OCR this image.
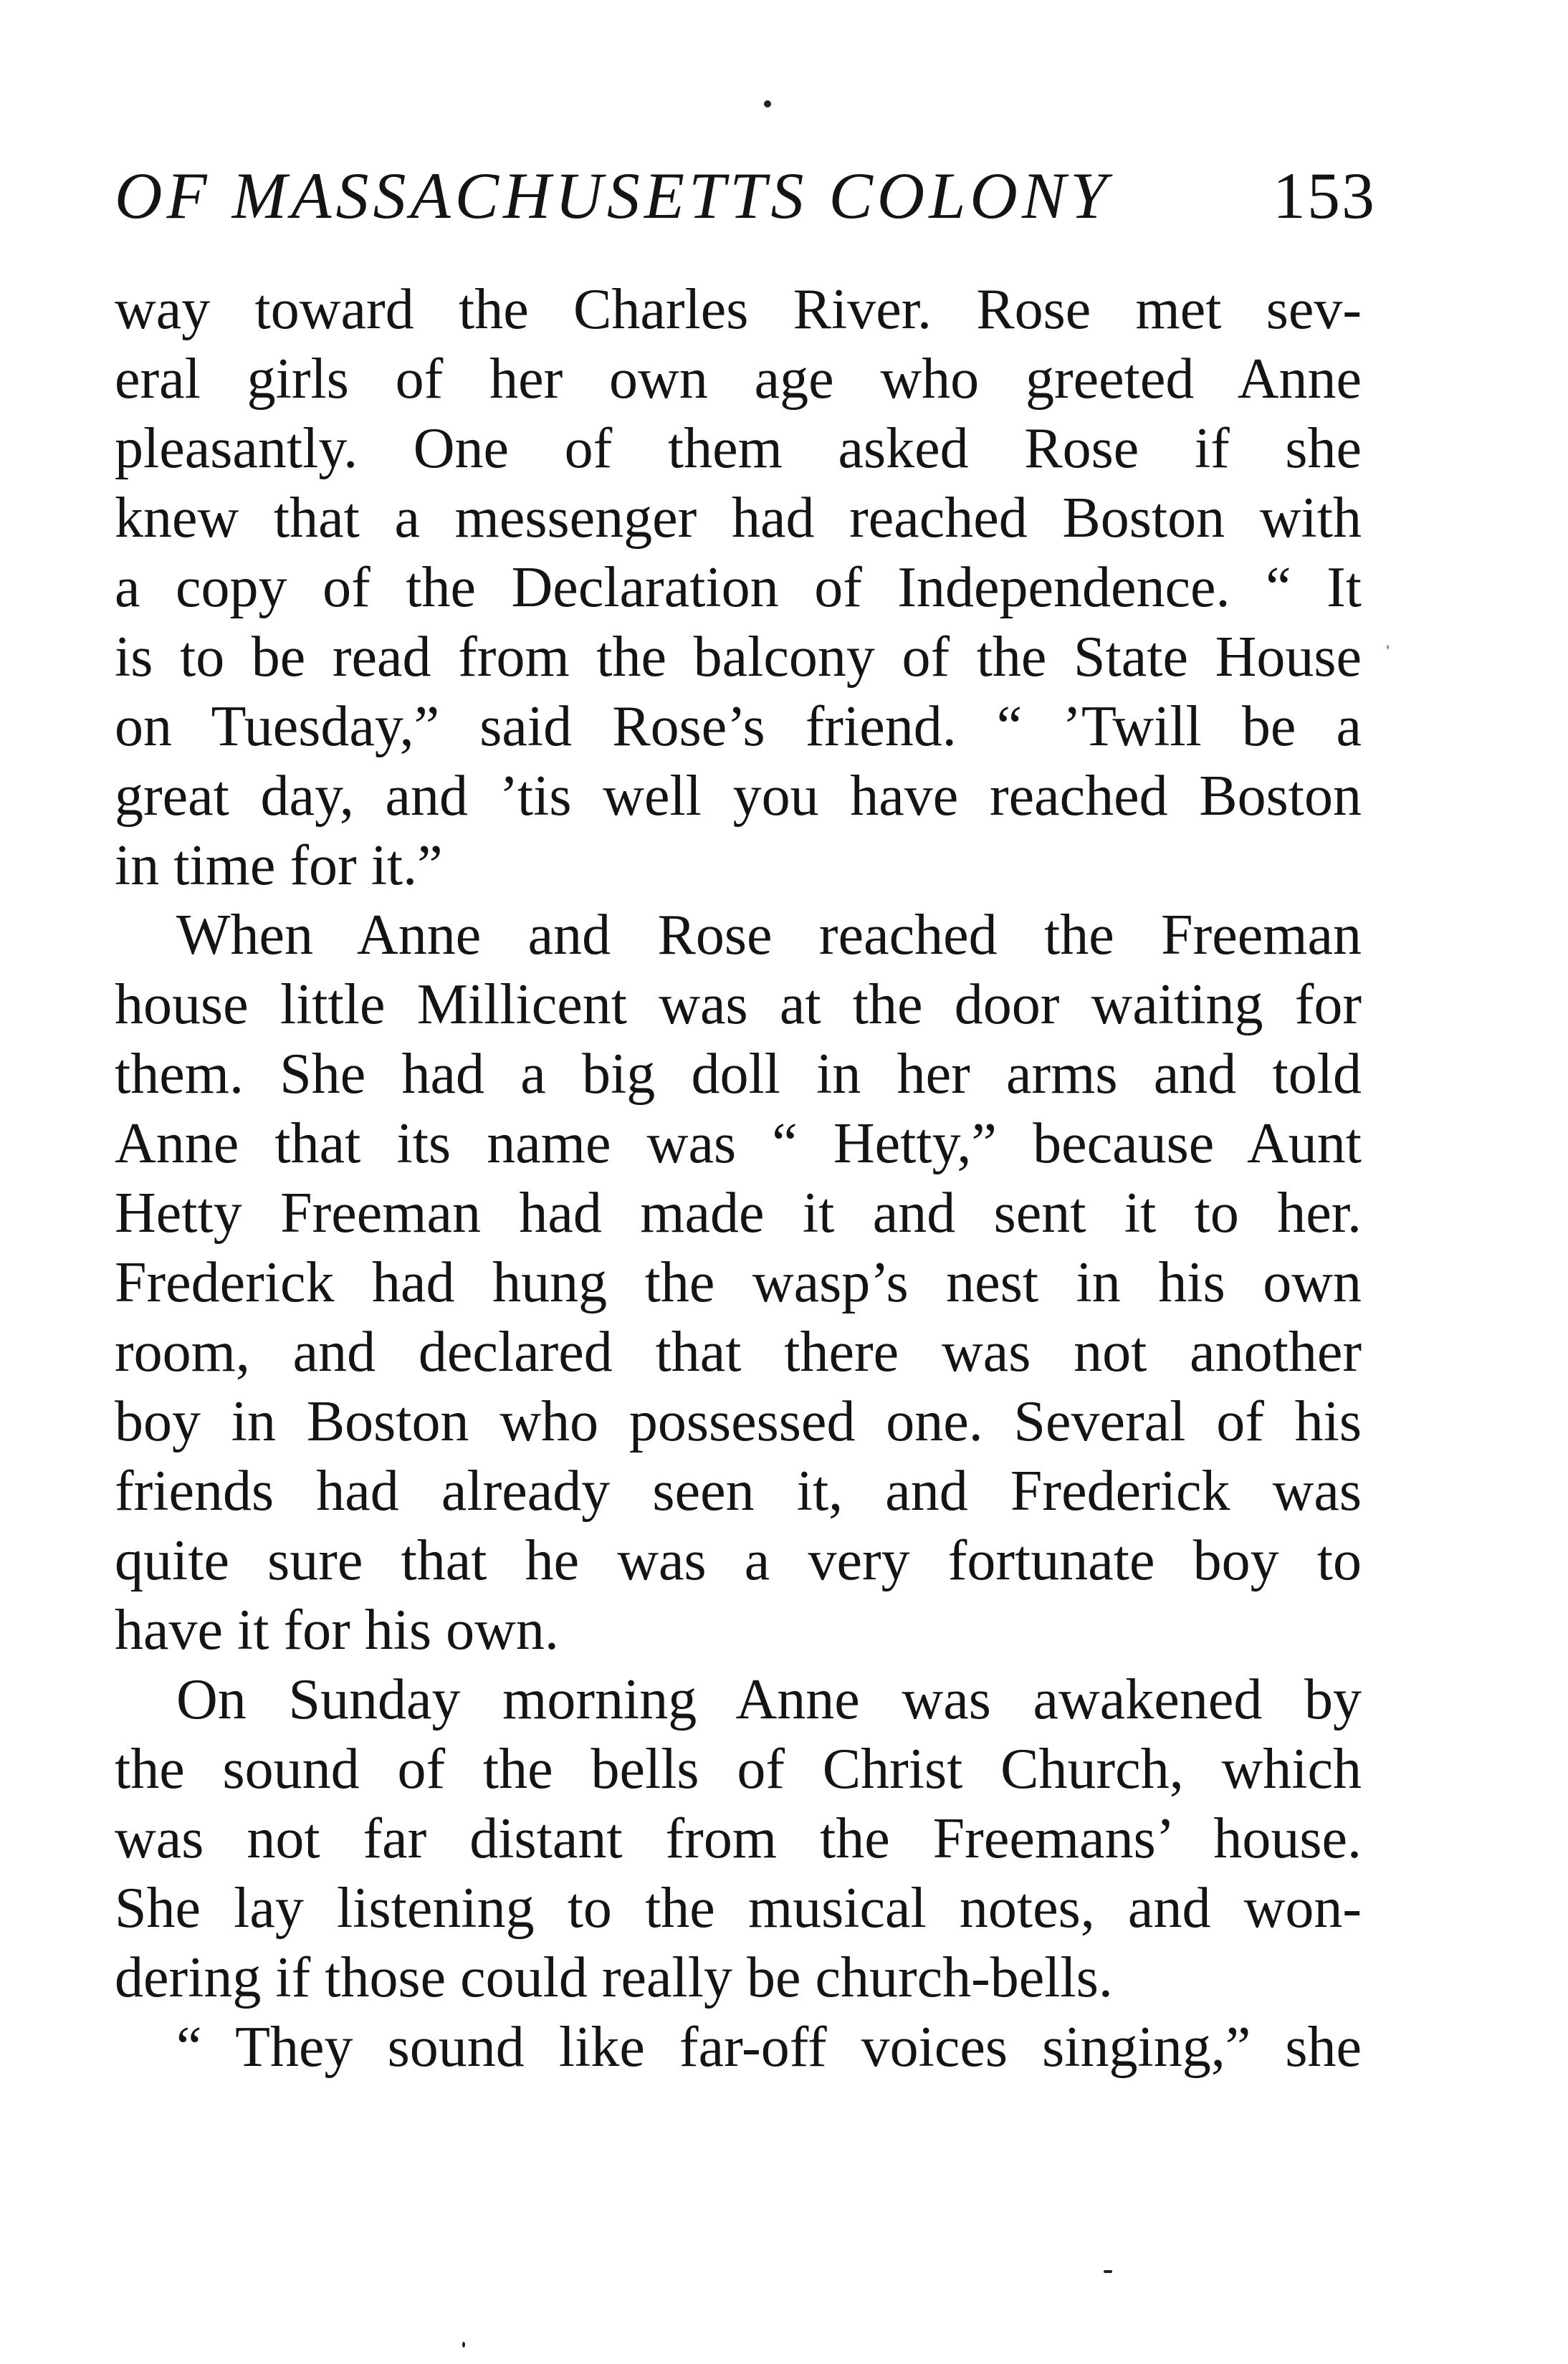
OF MASSACHUSETTS COLONY 153
way toward the Charles River. Rose met sev-
eral girls of her own age who greeted Anne
pleasantly. One of them asked Rose if she
knew that a messenger had reached Boston with
a copy of the Declaration of Independence. “ It
is to be read from the balcony of the State House
on Tuesday,” said Rose’s friend. “ ’Twill be a
great day, and ’tis well you have reached Boston
in time for it.”
When Anne and Rose reached the Freeman
house little Millicent was at the door waiting for
them. She had a big doll in her arms and told
Anne that its name was “ Hetty,” because Aunt
Hetty Freeman had made it and sent it to her.
Frederick had hung the wasp’s nest in his own
room, and declared that there was not another
boy in Boston who possessed one. Several of his
friends had already seen it, and Frederick was
quite sure that he was a very fortunate boy to
have it for his own.
On Sunday morning Anne was awakened by
the sound of the bells of Christ Church, which
was not far distant from the Freemans’ house.
She lay listening to the musical notes, and won-
dering if those could really be church-bells.
“ They sound like far-off voices singing,” she
